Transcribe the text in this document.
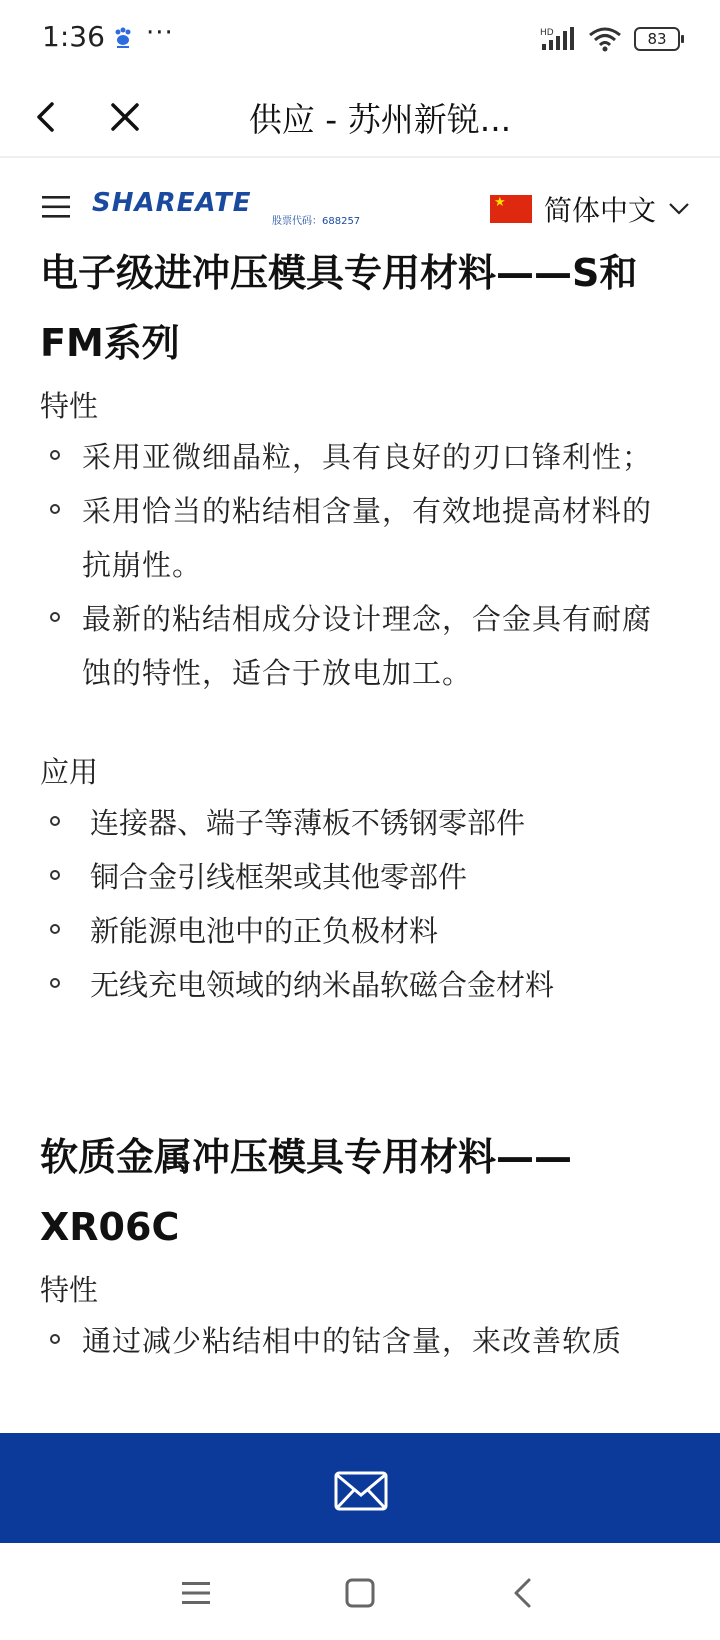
1:36 ···	HD	83
供应 - 苏州新锐...
SHAREATE
股票代码：688257
★ 简体中文
电子级进冲压模具专用材料——S和FM系列
特性
采用亚微细晶粒，具有良好的刃口锋利性；
采用恰当的粘结相含量，有效地提高材料的抗崩性。
最新的粘结相成分设计理念，合金具有耐腐蚀的特性，适合于放电加工。
应用
连接器、端子等薄板不锈钢零部件
铜合金引线框架或其他零部件
新能源电池中的正负极材料
无线充电领域的纳米晶软磁合金材料
软质金属冲压模具专用材料——XR06C
特性
通过减少粘结相中的钴含量，来改善软质
